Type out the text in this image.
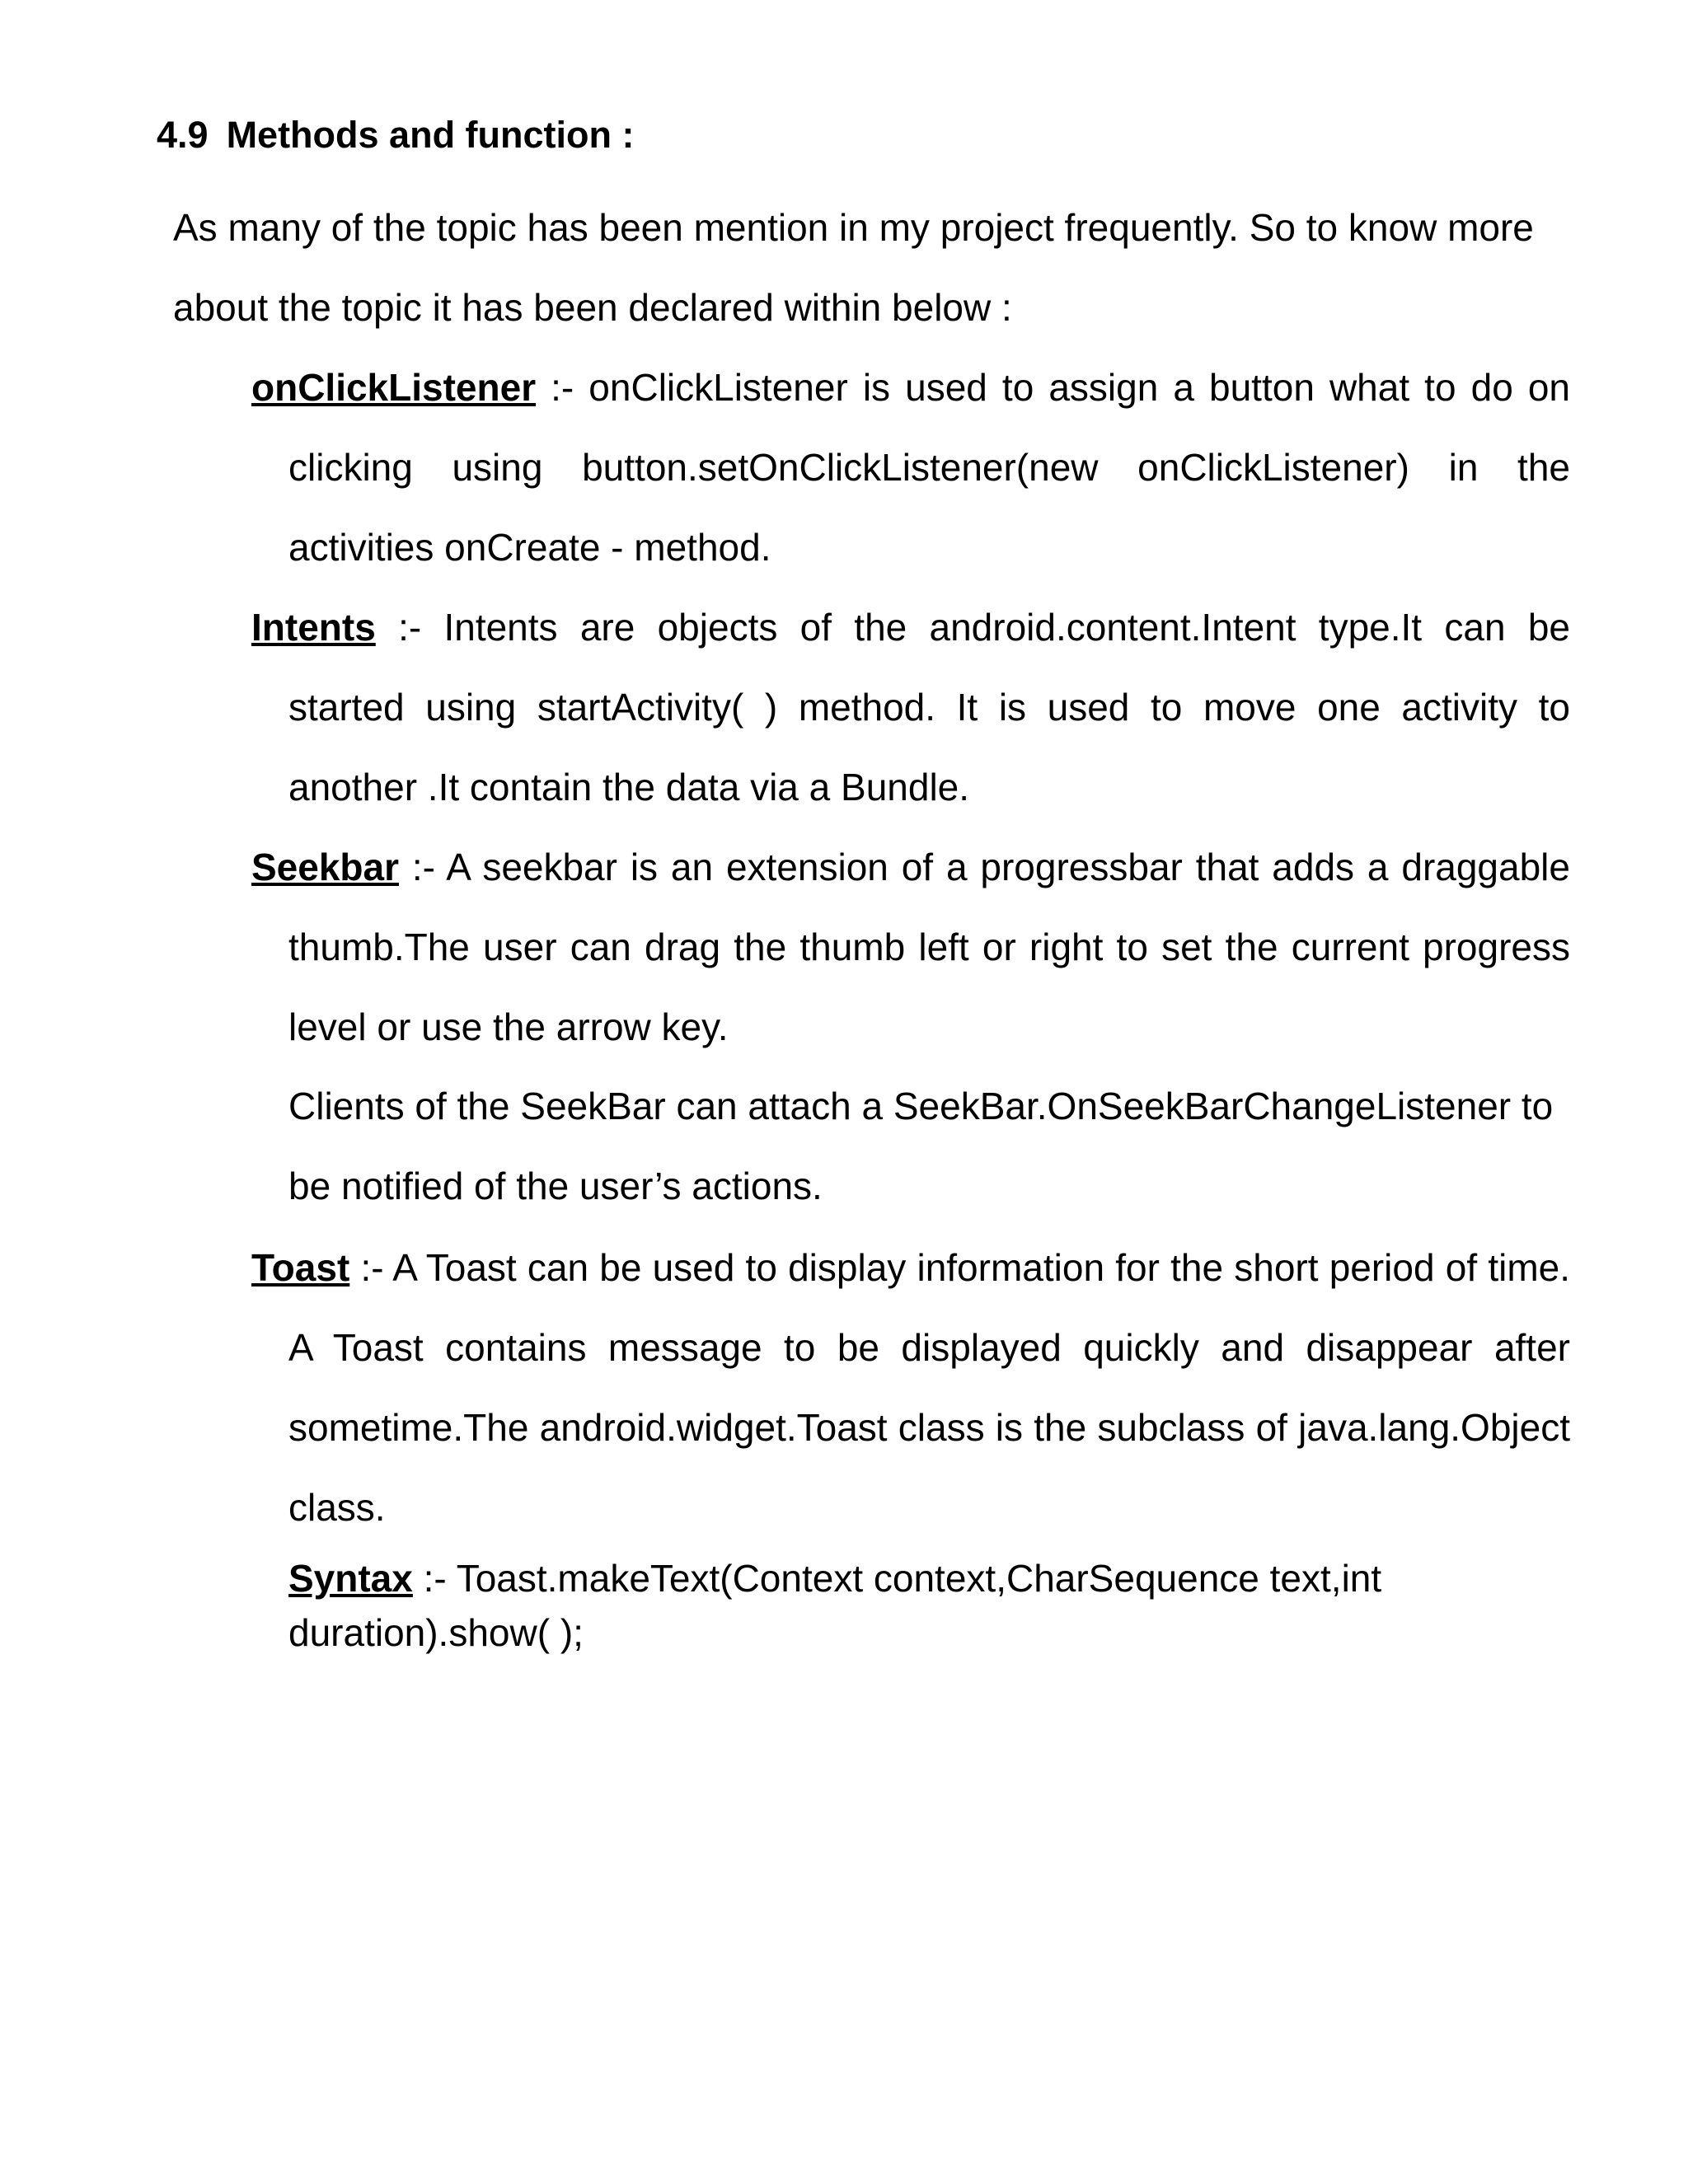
4.9 Methods and function :
As many of the topic has been mention in my project frequently. So to know more about the topic it has been declared within below :

onClickListener :- onClickListener is used to assign a button what to do on clicking using button.setOnClickListener(new onClickListener) in the activities onCreate - method.

Intents :- Intents are objects of the android.content.Intent type.It can be started using startActivity( ) method. It is used to move one activity to another .It contain the data via a Bundle.

Seekbar :- A seekbar is an extension of a progressbar that adds a draggable thumb.The user can drag the thumb left or right to set the current progress level or use the arrow key.

Clients of the SeekBar can attach a SeekBar.OnSeekBarChangeListener to be notified of the user’s actions.

Toast :- A Toast can be used to display information for the short period of time. A Toast contains message to be displayed quickly and disappear after sometime.The android.widget.Toast class is the subclass of java.lang.Object class.

Syntax :- Toast.makeText(Context context,CharSequence text,int duration).show( );
